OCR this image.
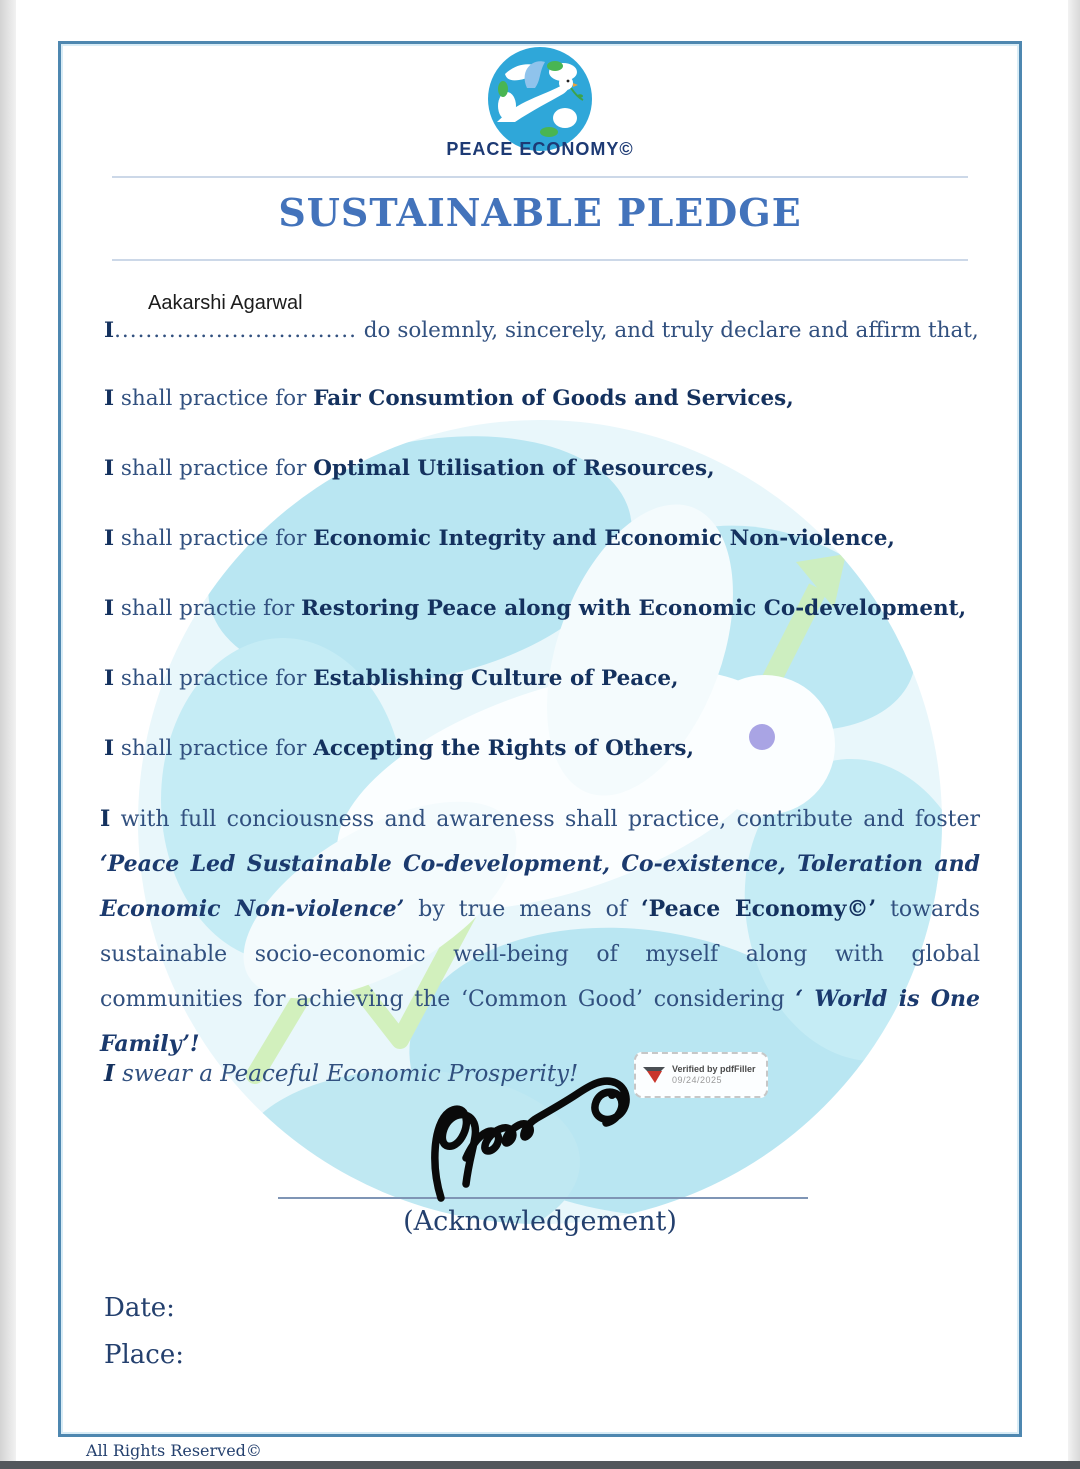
PEACE ECONOMY©
SUSTAINABLE PLEDGE
Aakarshi Agarwal
I............................... do solemnly, sincerely, and truly declare and affirm that,
I shall practice for Fair Consumtion of Goods and Services,
I shall practice for Optimal Utilisation of Resources,
I shall practice for Economic Integrity and Economic Non-violence,
I shall practie for Restoring Peace along with Economic Co-development,
I shall practice for Establishing Culture of Peace,
I shall practice for Accepting the Rights of Others,
I with full conciousness and awareness shall practice, contribute and foster ‘Peace Led Sustainable Co-development, Co-existence, Toleration and Economic Non-violence’ by true means of ‘Peace Economy©’ towards sustainable socio-economic well-being of myself along with global communities for achieving the ‘Common Good’ considering ‘ World is One Family’!
I swear a Peaceful Economic Prosperity!	Verified by pdfFiller
09/24/2025
(Acknowledgement)
Date:
Place:
All Rights Reserved©
